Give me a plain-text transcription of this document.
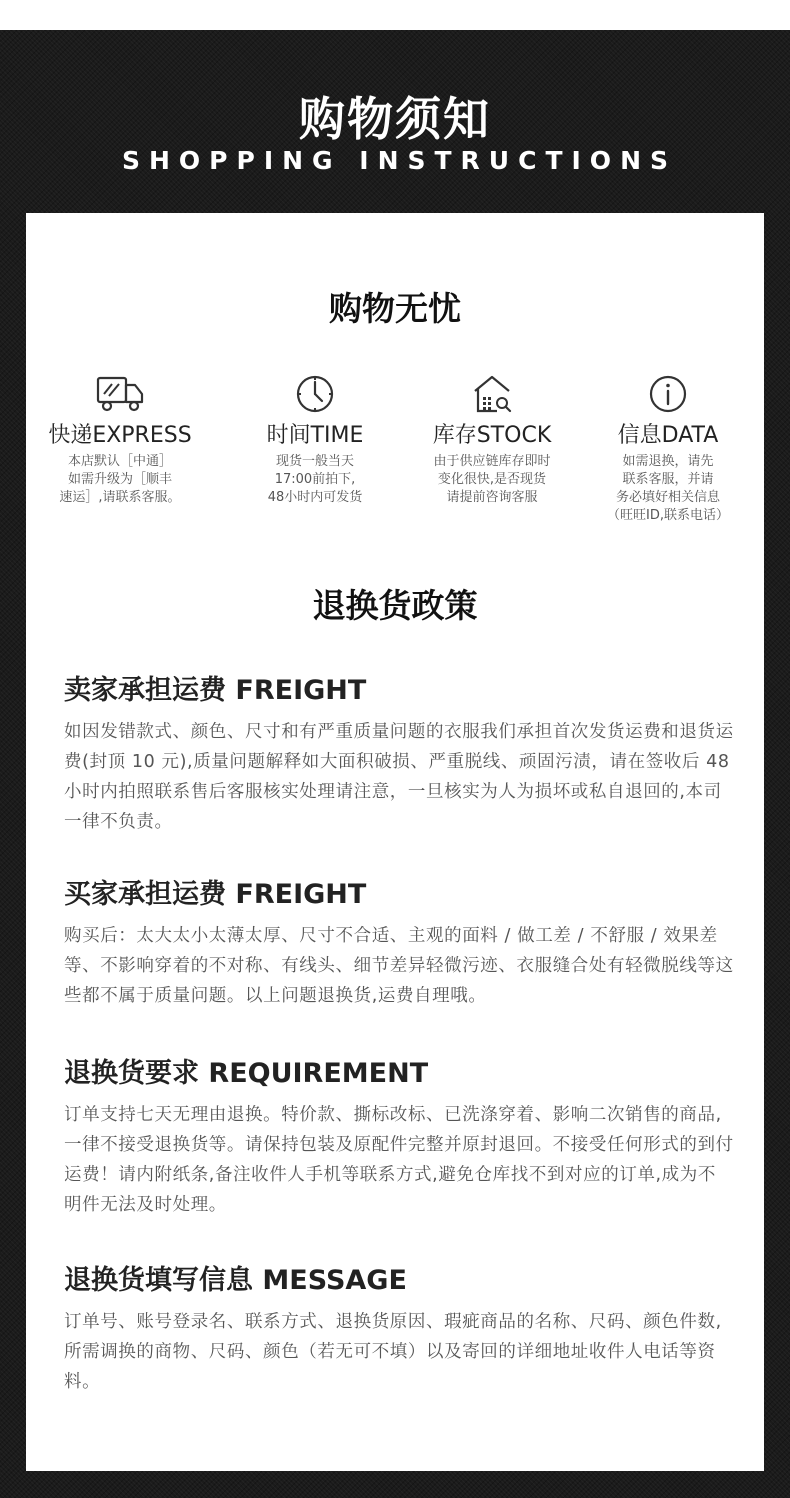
购物须知
SHOPPING INSTRUCTIONS
购物无忧
快递EXPRESS
本店默认［中通］
如需升级为［顺丰
速运］,请联系客服。
时间TIME
现货一般当天
17:00前拍下,
48小时内可发货
库存STOCK
由于供应链库存即时
变化很快,是否现货
请提前咨询客服
信息DATA
如需退换，请先
联系客服，并请
务必填好相关信息
（旺旺ID,联系电话）
退换货政策
卖家承担运费 FREIGHT
如因发错款式、颜色、尺寸和有严重质量问题的衣服我们承担首次发货运费和退货运费(封顶 10 元),质量问题解释如大面积破损、严重脱线、顽固污渍，请在签收后 48 小时内拍照联系售后客服核实处理请注意，一旦核实为人为损坏或私自退回的,本司一律不负责。
买家承担运费 FREIGHT
购买后：太大太小太薄太厚、尺寸不合适、主观的面料 / 做工差 / 不舒服 / 效果差等、不影响穿着的不对称、有线头、细节差异轻微污迹、衣服缝合处有轻微脱线等这些都不属于质量问题。以上问题退换货,运费自理哦。
退换货要求 REQUIREMENT
订单支持七天无理由退换。特价款、撕标改标、已洗涤穿着、影响二次销售的商品,一律不接受退换货等。请保持包装及原配件完整并原封退回。不接受任何形式的到付运费！请内附纸条,备注收件人手机等联系方式,避免仓库找不到对应的订单,成为不明件无法及时处理。
退换货填写信息 MESSAGE
订单号、账号登录名、联系方式、退换货原因、瑕疵商品的名称、尺码、颜色件数,所需调换的商物、尺码、颜色（若无可不填）以及寄回的详细地址收件人电话等资料。
